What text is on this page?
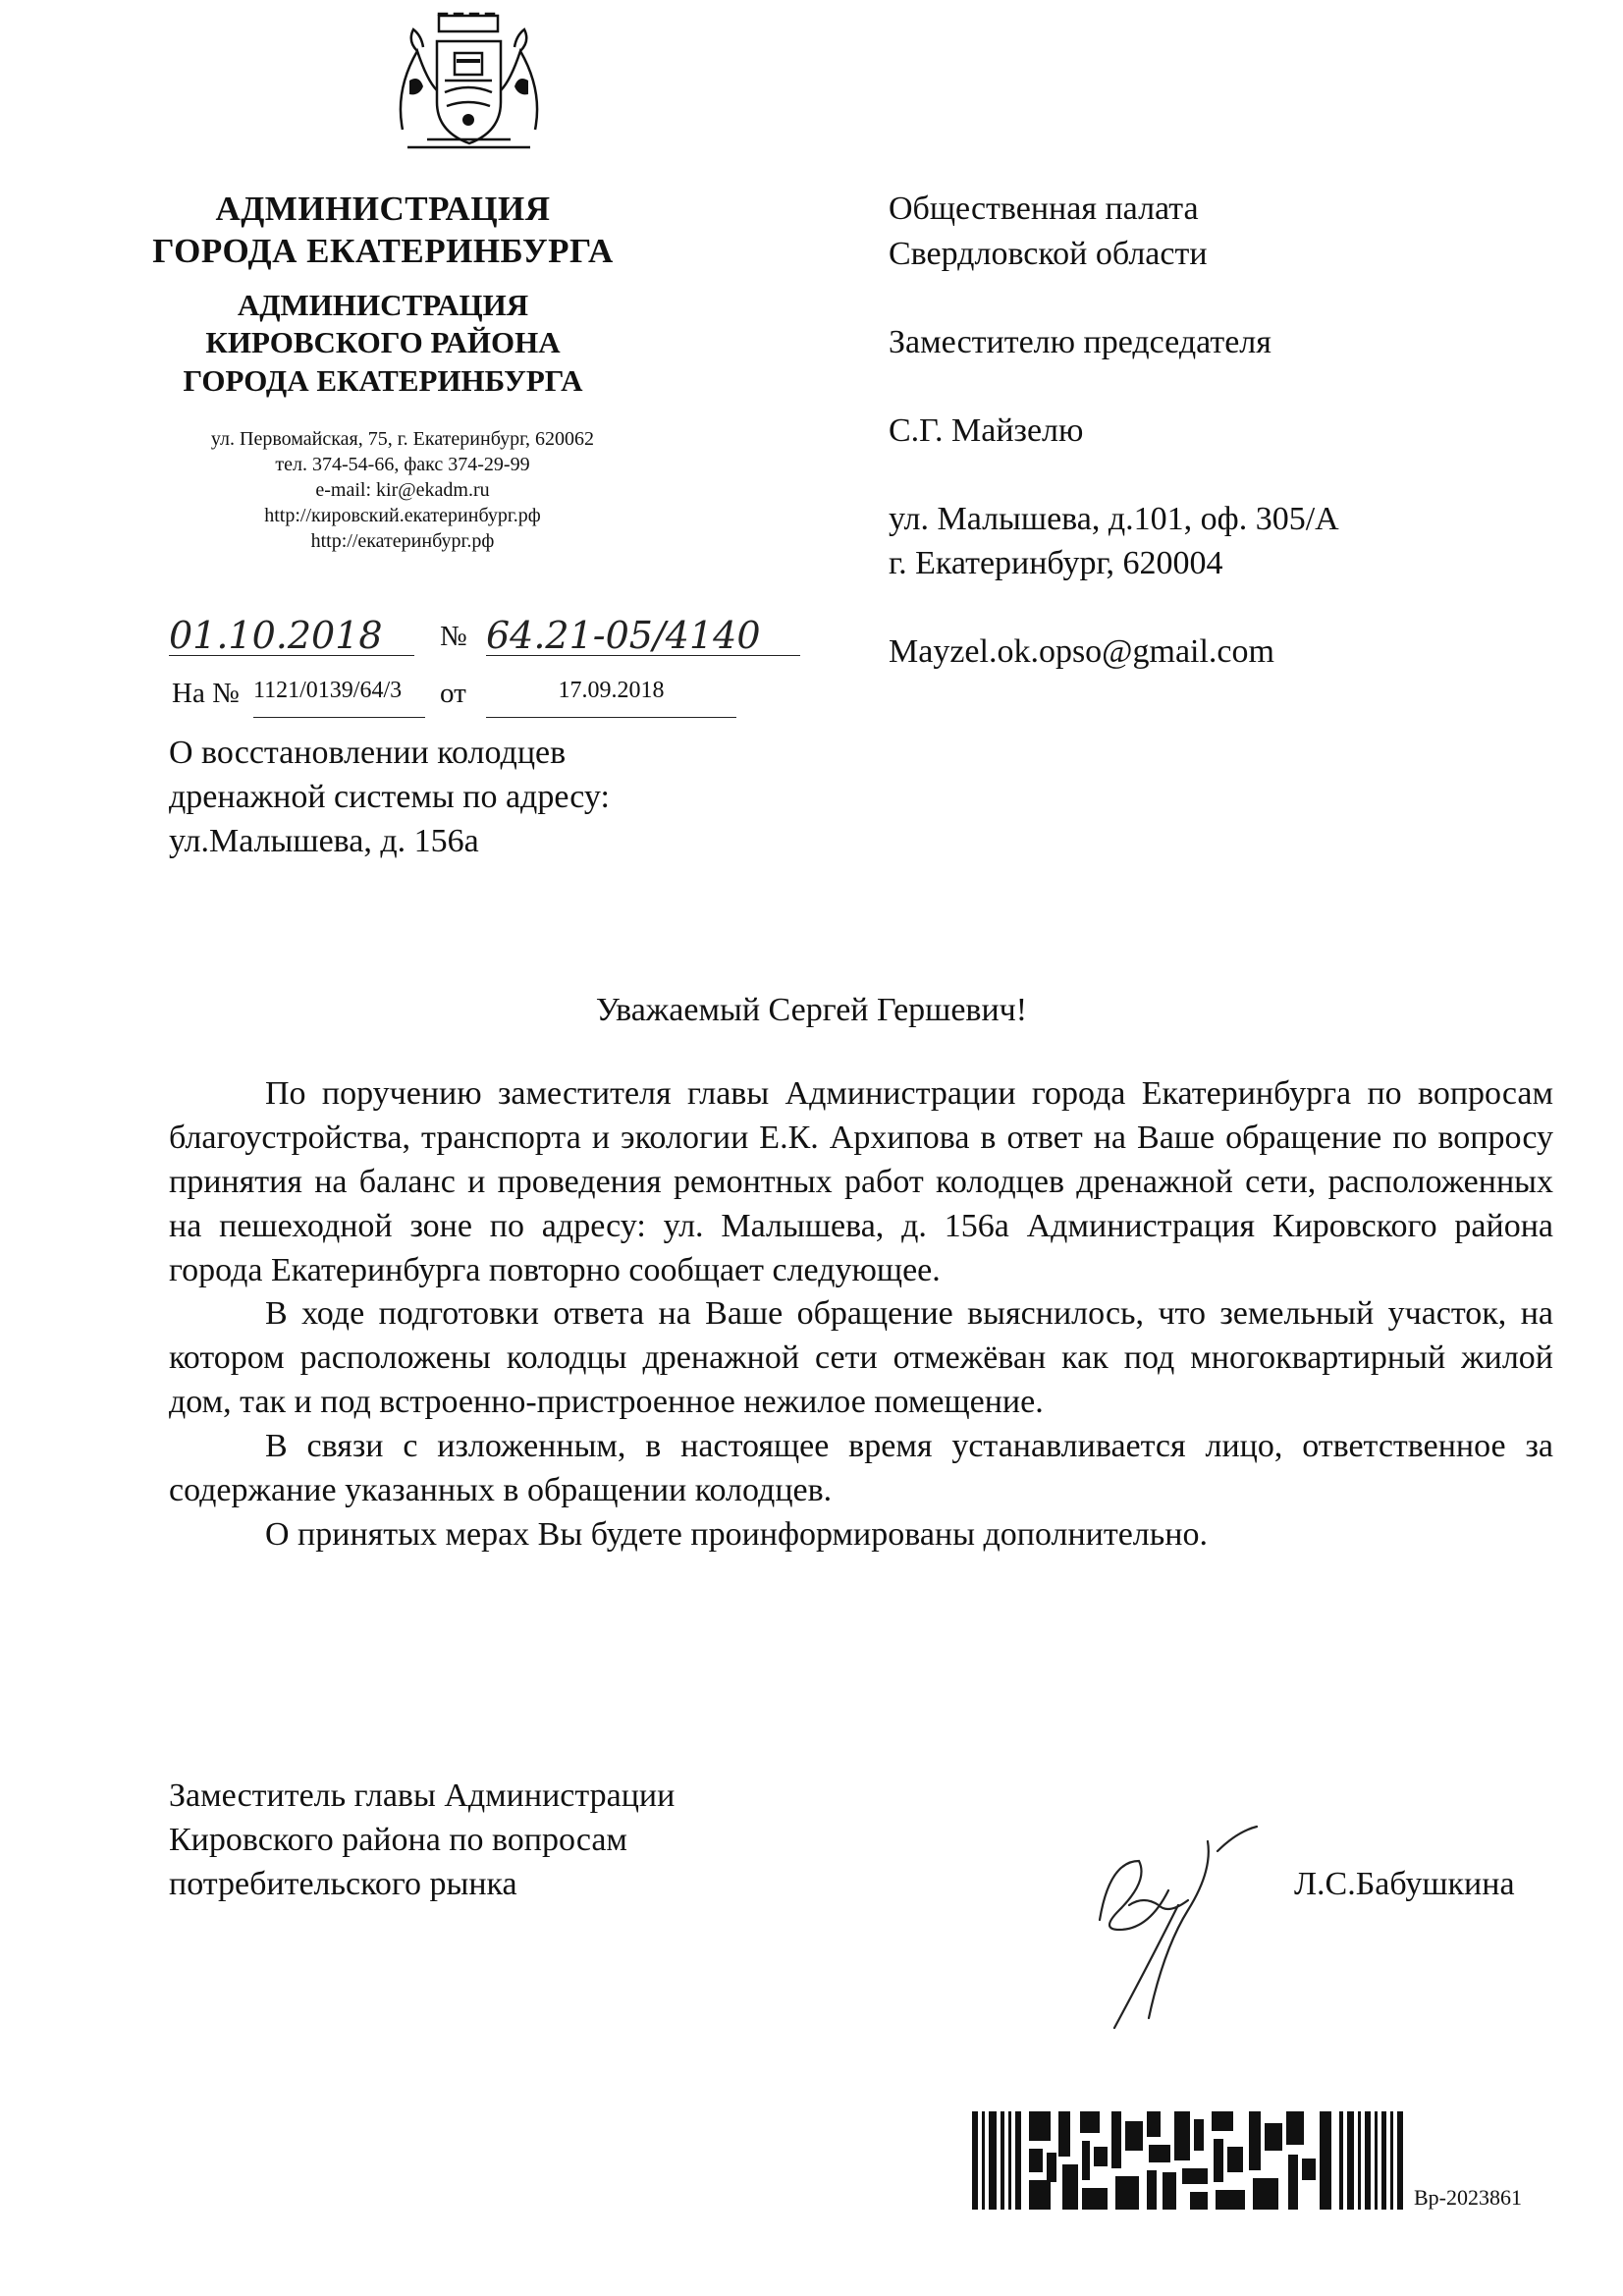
АДМИНИСТРАЦИЯ
ГОРОДА ЕКАТЕРИНБУРГА
АДМИНИСТРАЦИЯ
КИРОВСКОГО РАЙОНА
ГОРОДА ЕКАТЕРИНБУРГА
ул. Первомайская, 75, г. Екатеринбург, 620062
тел. 374-54-66, факс 374-29-99
e-mail: kir@ekadm.ru
http://кировский.екатеринбург.рф
http://екатеринбург.рф
01.10.2018	№ 64.21-05/4140
На № 1121/0139/64/3	от	17.09.2018
Общественная палата
Свердловской области
Заместителю председателя
С.Г. Майзелю
ул. Малышева, д.101, оф. 305/А
г. Екатеринбург, 620004
Mayzel.ok.opso@gmail.com
О восстановлении колодцев
дренажной системы по адресу:
ул.Малышева, д. 156а
Уважаемый Сергей Гершевич!

По поручению заместителя главы Администрации города Екатеринбурга по вопросам благоустройства, транспорта и экологии Е.К. Архипова в ответ на Ваше обращение по вопросу принятия на баланс и проведения ремонтных работ колодцев дренажной сети, расположенных на пешеходной зоне по адресу: ул. Малышева, д. 156а Администрация Кировского района города Екатеринбурга повторно сообщает следующее.

В ходе подготовки ответа на Ваше обращение выяснилось, что земельный участок, на котором расположены колодцы дренажной сети отмежёван как под многоквартирный жилой дом, так и под встроенно-пристроенное нежилое помещение.

В связи с изложенным, в настоящее время устанавливается лицо, ответственное за содержание указанных в обращении колодцев.

О принятых мерах Вы будете проинформированы дополнительно.

Заместитель главы Администрации
Кировского района по вопросам
потребительского рынка	Л.С.Бабушкина
Вр-2023861
